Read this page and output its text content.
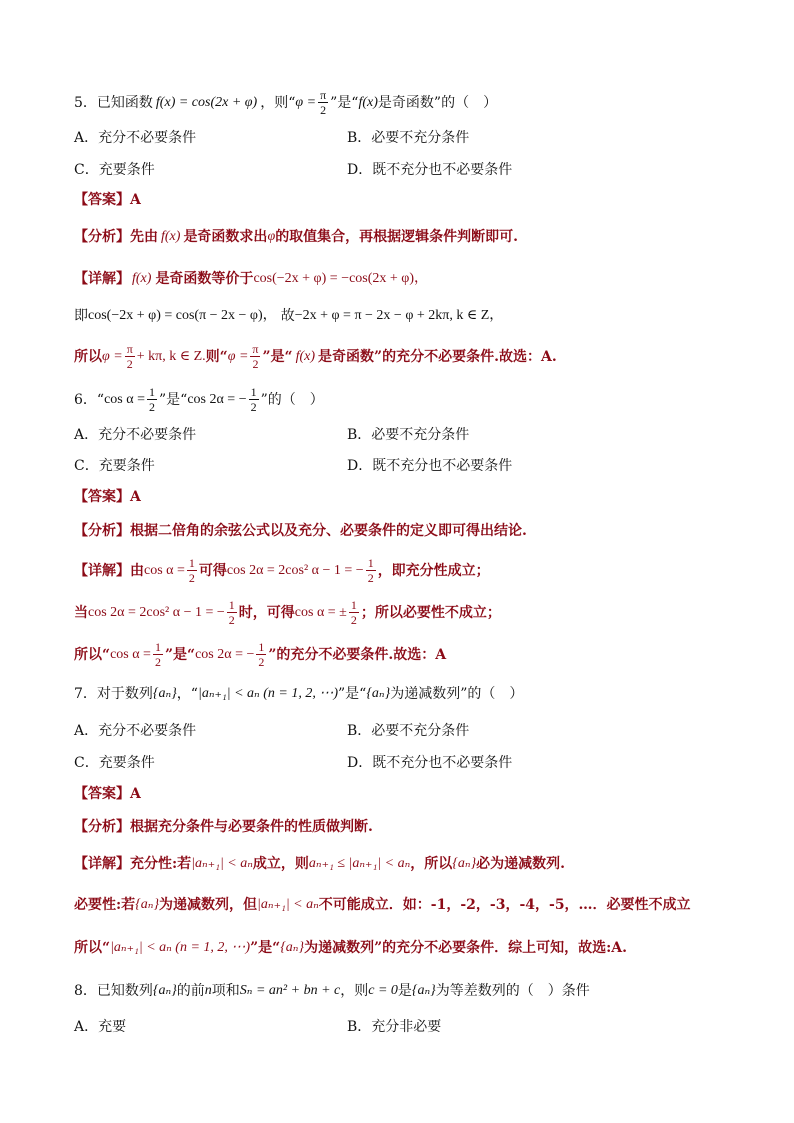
5．已知函数 f(x) = cos(2x + φ) ，则“ $\varphi = \frac{\pi}{2}$ ”是“ f(x) 是奇函数”的（　）
A．充分不必要条件	B．必要不充分条件
C．充要条件	D．既不充分也不必要条件
【答案】 A
【分析】 先由 f(x) 是奇函数求出 φ 的取值集合，再根据逻辑条件判断即可.
【详解】 f(x) 是奇函数等价于 cos(−2x + φ) = −cos(2x + φ)，
即 cos(−2x + φ) = cos(π − 2x − φ)， 故 −2x + φ = π − 2x − φ + 2kπ, k ∈ Z，
所以 $\varphi = \frac{\pi}{2} + k\pi$, k ∈ Z. 则“ $\varphi = \frac{\pi}{2}$ ”是“ f(x) 是奇函数”的充分不必要条件.故选：A.
6．“ $\cos \alpha = \frac{1}{2}$ ”是“ cos 2α = − $\frac{1}{2}$ ”的（　）
A．充分不必要条件	B．必要不充分条件
C．充要条件	D．既不充分也不必要条件
【答案】 A
【分析】 根据二倍角的余弦公式以及充分、必要条件的定义即可得出结论.
【详解】 由 $\cos \alpha = \frac{1}{2}$ 可得 cos 2α = 2cos² α − 1 = − $\frac{1}{2}$ ，即充分性成立；
当 cos 2α = 2cos² α − 1 = − $\frac{1}{2}$ 时，可得 cos α = ± $\frac{1}{2}$ ；所以必要性不成立；
所以“ $\cos \alpha = \frac{1}{2}$ ”是“ cos 2α = − $\frac{1}{2}$ ”的充分不必要条件.故选：A
7．对于数列 {aₙ} ，“ |aₙ₊₁| < aₙ (n = 1, 2, ⋯) ”是“ {aₙ} 为递减数列”的（　）
A．充分不必要条件	B．必要不充分条件
C．充要条件	D．既不充分也不必要条件
【答案】 A
【分析】 根据充分条件与必要条件的性质做判断.
【详解】 充分性:若 |aₙ₊₁| < aₙ 成立，则 aₙ₊₁ ≤ |aₙ₊₁| < aₙ ，所以 {aₙ} 必为递减数列.
必要性:若 {aₙ} 为递减数列，但 |aₙ₊₁| < aₙ 不可能成立．如：-1，-2，-3，-4，-5，…．必要性不成立
所以“ |aₙ₊₁| < aₙ (n = 1, 2, ⋯) ”是“ {aₙ} 为递减数列”的充分不必要条件．综上可知，故选:A.
8．已知数列 {aₙ} 的前 n 项和 Sₙ = an² + bn + c ，则 c = 0 是 {aₙ} 为等差数列的（　）条件
A．充要	B．充分非必要
